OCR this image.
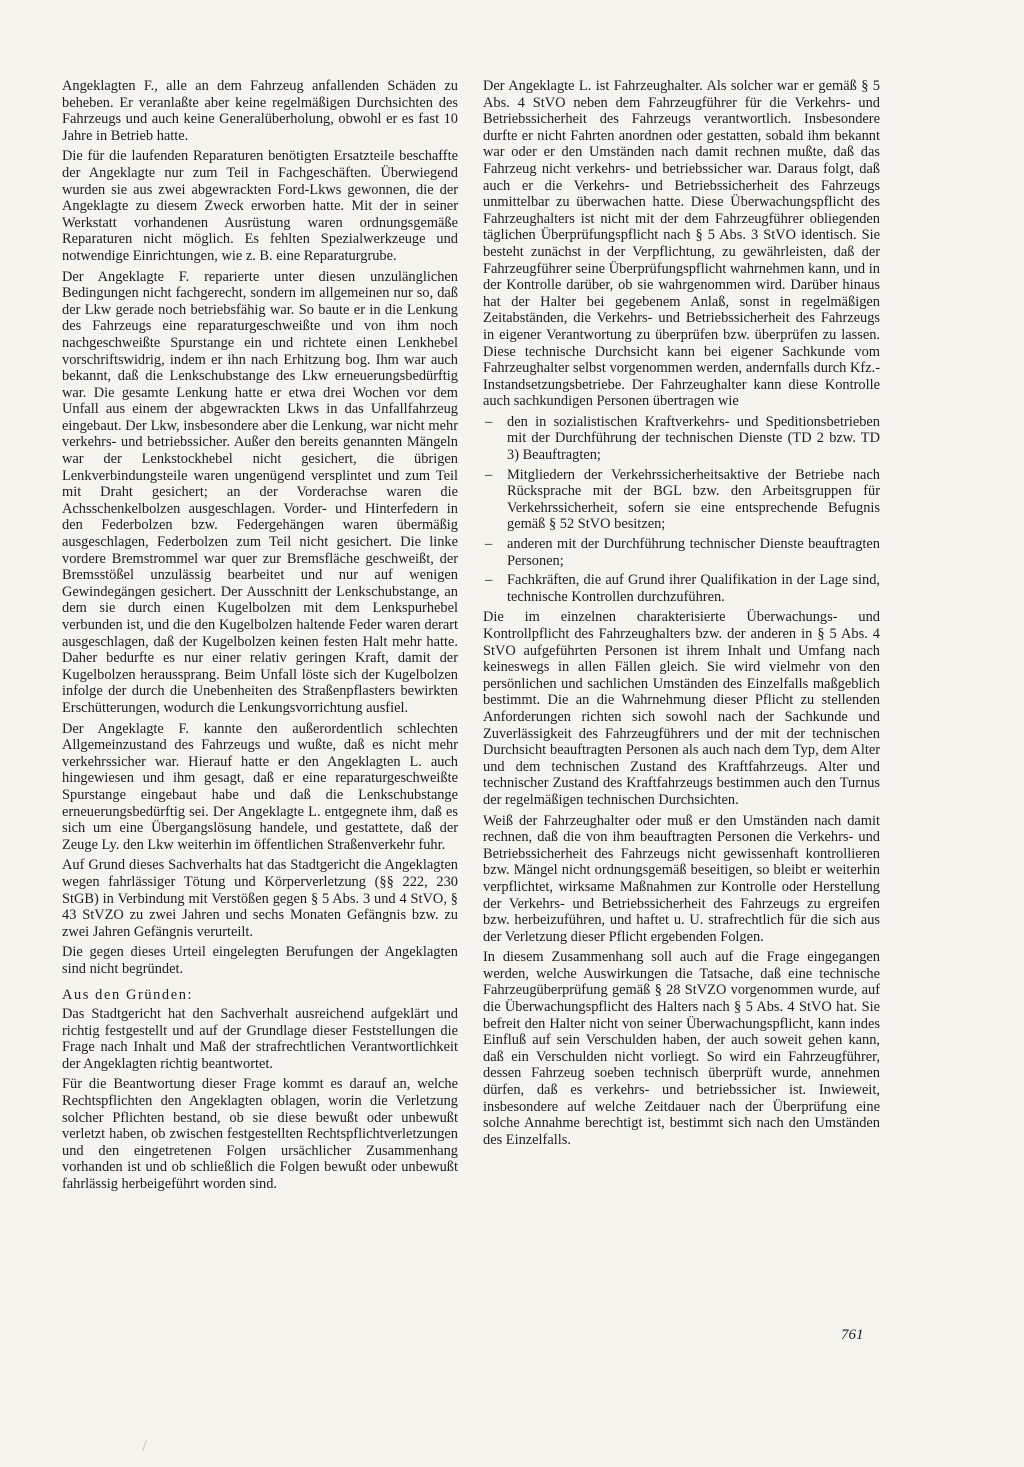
Angeklagten F., alle an dem Fahrzeug anfallenden Schäden zu beheben. Er veranlaßte aber keine regelmäßigen Durchsichten des Fahrzeugs und auch keine Generalüberholung, obwohl er es fast 10 Jahre in Betrieb hatte.

Die für die laufenden Reparaturen benötigten Ersatzteile beschaffte der Angeklagte nur zum Teil in Fachgeschäften. Überwiegend wurden sie aus zwei abgewrackten Ford-Lkws gewonnen, die der Angeklagte zu diesem Zweck erworben hatte. Mit der in seiner Werkstatt vorhandenen Ausrüstung waren ordnungsgemäße Reparaturen nicht möglich. Es fehlten Spezialwerkzeuge und notwendige Einrichtungen, wie z. B. eine Reparaturgrube.

Der Angeklagte F. reparierte unter diesen unzulänglichen Bedingungen nicht fachgerecht, sondern im allgemeinen nur so, daß der Lkw gerade noch betriebsfähig war. So baute er in die Lenkung des Fahrzeugs eine reparaturgeschweißte und von ihm noch nachgeschweißte Spurstange ein und richtete einen Lenkhebel vorschriftswidrig, indem er ihn nach Erhitzung bog. Ihm war auch bekannt, daß die Lenkschubstange des Lkw erneuerungsbedürftig war. Die gesamte Lenkung hatte er etwa drei Wochen vor dem Unfall aus einem der abgewrackten Lkws in das Unfallfahrzeug eingebaut. Der Lkw, insbesondere aber die Lenkung, war nicht mehr verkehrs- und betriebssicher. Außer den bereits genannten Mängeln war der Lenkstockhebel nicht gesichert, die übrigen Lenkverbindungsteile waren ungenügend versplintet und zum Teil mit Draht gesichert; an der Vorderachse waren die Achsschenkelbolzen ausgeschlagen. Vorder- und Hinterfedern in den Federbolzen bzw. Federgehängen waren übermäßig ausgeschlagen, Federbolzen zum Teil nicht gesichert. Die linke vordere Bremstrommel war quer zur Bremsfläche geschweißt, der Bremsstößel unzulässig bearbeitet und nur auf wenigen Gewindegängen gesichert. Der Ausschnitt der Lenkschubstange, an dem sie durch einen Kugelbolzen mit dem Lenkspurhebel verbunden ist, und die den Kugelbolzen haltende Feder waren derart ausgeschlagen, daß der Kugelbolzen keinen festen Halt mehr hatte. Daher bedurfte es nur einer relativ geringen Kraft, damit der Kugelbolzen heraussprang. Beim Unfall löste sich der Kugelbolzen infolge der durch die Unebenheiten des Straßenpflasters bewirkten Erschütterungen, wodurch die Lenkungsvorrichtung ausfiel.

Der Angeklagte F. kannte den außerordentlich schlechten Allgemeinzustand des Fahrzeugs und wußte, daß es nicht mehr verkehrssicher war. Hierauf hatte er den Angeklagten L. auch hingewiesen und ihm gesagt, daß er eine reparaturgeschweißte Spurstange eingebaut habe und daß die Lenkschubstange erneuerungsbedürftig sei. Der Angeklagte L. entgegnete ihm, daß es sich um eine Übergangslösung handele, und gestattete, daß der Zeuge Ly. den Lkw weiterhin im öffentlichen Straßenverkehr fuhr.

Auf Grund dieses Sachverhalts hat das Stadtgericht die Angeklagten wegen fahrlässiger Tötung und Körperverletzung (§§ 222, 230 StGB) in Verbindung mit Verstößen gegen § 5 Abs. 3 und 4 StVO, § 43 StVZO zu zwei Jahren und sechs Monaten Gefängnis bzw. zu zwei Jahren Gefängnis verurteilt.

Die gegen dieses Urteil eingelegten Berufungen der Angeklagten sind nicht begründet.

Aus den Gründen:

Das Stadtgericht hat den Sachverhalt ausreichend aufgeklärt und richtig festgestellt und auf der Grundlage dieser Feststellungen die Frage nach Inhalt und Maß der strafrechtlichen Verantwortlichkeit der Angeklagten richtig beantwortet.

Für die Beantwortung dieser Frage kommt es darauf an, welche Rechtspflichten den Angeklagten oblagen, worin die Verletzung solcher Pflichten bestand, ob sie diese bewußt oder unbewußt verletzt haben, ob zwischen festgestellten Rechtspflichtverletzungen und den eingetretenen Folgen ursächlicher Zusammenhang vorhanden ist und ob schließlich die Folgen bewußt oder unbewußt fahrlässig herbeigeführt worden sind.

Der Angeklagte L. ist Fahrzeughalter. Als solcher war er gemäß § 5 Abs. 4 StVO neben dem Fahrzeugführer für die Verkehrs- und Betriebssicherheit des Fahrzeugs verantwortlich. Insbesondere durfte er nicht Fahrten anordnen oder gestatten, sobald ihm bekannt war oder er den Umständen nach damit rechnen mußte, daß das Fahrzeug nicht verkehrs- und betriebssicher war. Daraus folgt, daß auch er die Verkehrs- und Betriebssicherheit des Fahrzeugs unmittelbar zu überwachen hatte. Diese Überwachungspflicht des Fahrzeughalters ist nicht mit der dem Fahrzeugführer obliegenden täglichen Überprüfungspflicht nach § 5 Abs. 3 StVO identisch. Sie besteht zunächst in der Verpflichtung, zu gewährleisten, daß der Fahrzeugführer seine Überprüfungspflicht wahrnehmen kann, und in der Kontrolle darüber, ob sie wahrgenommen wird. Darüber hinaus hat der Halter bei gegebenem Anlaß, sonst in regelmäßigen Zeitabständen, die Verkehrs- und Betriebssicherheit des Fahrzeugs in eigener Verantwortung zu überprüfen bzw. überprüfen zu lassen. Diese technische Durchsicht kann bei eigener Sachkunde vom Fahrzeughalter selbst vorgenommen werden, andernfalls durch Kfz.-Instandsetzungsbetriebe. Der Fahrzeughalter kann diese Kontrolle auch sachkundigen Personen übertragen wie

– den in sozialistischen Kraftverkehrs- und Speditionsbetrieben mit der Durchführung der technischen Dienste (TD 2 bzw. TD 3) Beauftragten;
– Mitgliedern der Verkehrssicherheitsaktive der Betriebe nach Rücksprache mit der BGL bzw. den Arbeitsgruppen für Verkehrssicherheit, sofern sie eine entsprechende Befugnis gemäß § 52 StVO besitzen;
– anderen mit der Durchführung technischer Dienste beauftragten Personen;
– Fachkräften, die auf Grund ihrer Qualifikation in der Lage sind, technische Kontrollen durchzuführen.

Die im einzelnen charakterisierte Überwachungs- und Kontrollpflicht des Fahrzeughalters bzw. der anderen in § 5 Abs. 4 StVO aufgeführten Personen ist ihrem Inhalt und Umfang nach keineswegs in allen Fällen gleich. Sie wird vielmehr von den persönlichen und sachlichen Umständen des Einzelfalls maßgeblich bestimmt. Die an die Wahrnehmung dieser Pflicht zu stellenden Anforderungen richten sich sowohl nach der Sachkunde und Zuverlässigkeit des Fahrzeugführers und der mit der technischen Durchsicht beauftragten Personen als auch nach dem Typ, dem Alter und dem technischen Zustand des Kraftfahrzeugs. Alter und technischer Zustand des Kraftfahrzeugs bestimmen auch den Turnus der regelmäßigen technischen Durchsichten.

Weiß der Fahrzeughalter oder muß er den Umständen nach damit rechnen, daß die von ihm beauftragten Personen die Verkehrs- und Betriebssicherheit des Fahrzeugs nicht gewissenhaft kontrollieren bzw. Mängel nicht ordnungsgemäß beseitigen, so bleibt er weiterhin verpflichtet, wirksame Maßnahmen zur Kontrolle oder Herstellung der Verkehrs- und Betriebssicherheit des Fahrzeugs zu ergreifen bzw. herbeizuführen, und haftet u. U. strafrechtlich für die sich aus der Verletzung dieser Pflicht ergebenden Folgen.

In diesem Zusammenhang soll auch auf die Frage eingegangen werden, welche Auswirkungen die Tatsache, daß eine technische Fahrzeugüberprüfung gemäß § 28 StVZO vorgenommen wurde, auf die Überwachungspflicht des Halters nach § 5 Abs. 4 StVO hat. Sie befreit den Halter nicht von seiner Überwachungspflicht, kann indes Einfluß auf sein Verschulden haben, der auch soweit gehen kann, daß ein Verschulden nicht vorliegt. So wird ein Fahrzeugführer, dessen Fahrzeug soeben technisch überprüft wurde, annehmen dürfen, daß es verkehrs- und betriebssicher ist. Inwieweit, insbesondere auf welche Zeitdauer nach der Überprüfung eine solche Annahme berechtigt ist, bestimmt sich nach den Umständen des Einzelfalls.

761
